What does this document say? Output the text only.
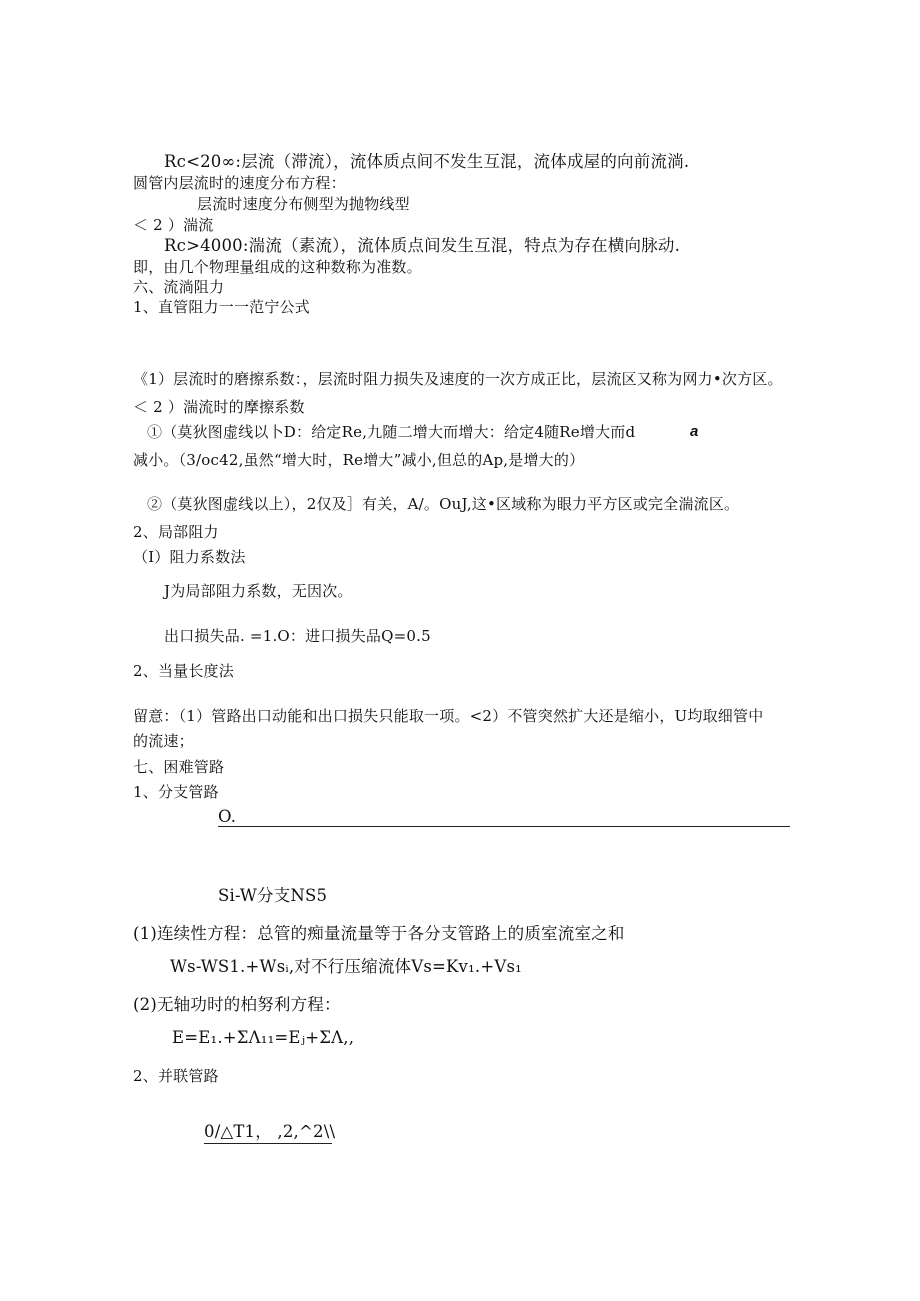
Rc<20∞:层流（滞流），流体质点间不发生互混，流体成屋的向前流淌.
圆管内层流时的速度分布方程：
层流时速度分布侧型为抛物线型
＜ 2 ）湍流
Rc>4000:湍流（素流），流体质点间发生互混，特点为存在横向脉动.
即，由几个物理量组成的这种数称为准数。
六、流淌阻力
1、直管阻力一一范宁公式
《1）层流时的磨擦系数：，层流时阻力损失及速度的一次方成正比，层流区又称为网力•次方区。
＜ 2 ）湍流时的摩擦系数
①（莫狄图虚线以卜D：给定Re,九随二增大而增大：给定4随Re增大而d	a
减小。（3/oc42,虽然“增大时，Re增大”减小,但总的Ap,是增大的）
②（莫狄图虚线以上），2仅及］有关，A/。OuJ,这•区域称为眼力平方区或完全湍流区。
2、局部阻力
（I）阻力系数法
J为局部阻力系数，无因次。
出口损失品. =1.O：进口损失品Q=0.5
2、当量长度法
留意：（1）管路出口动能和出口损失只能取一项。<2）不管突然扩大还是缩小，U均取细管中
的流速；
七、困难管路
1、分支管路
O.
Si-W分支NS5
(1)连续性方程：总管的痴量流量等于各分支管路上的质室流室之和
Ws-WS1.+Wsᵢ,对不行压缩流体Vs=Kv₁.+Vs₁
(2)无轴功时的柏努利方程：
E=E₁.+ΣΛ₁₁=Eⱼ+ΣΛ,,
2、并联管路
0/△T1， ,2,^2\\
